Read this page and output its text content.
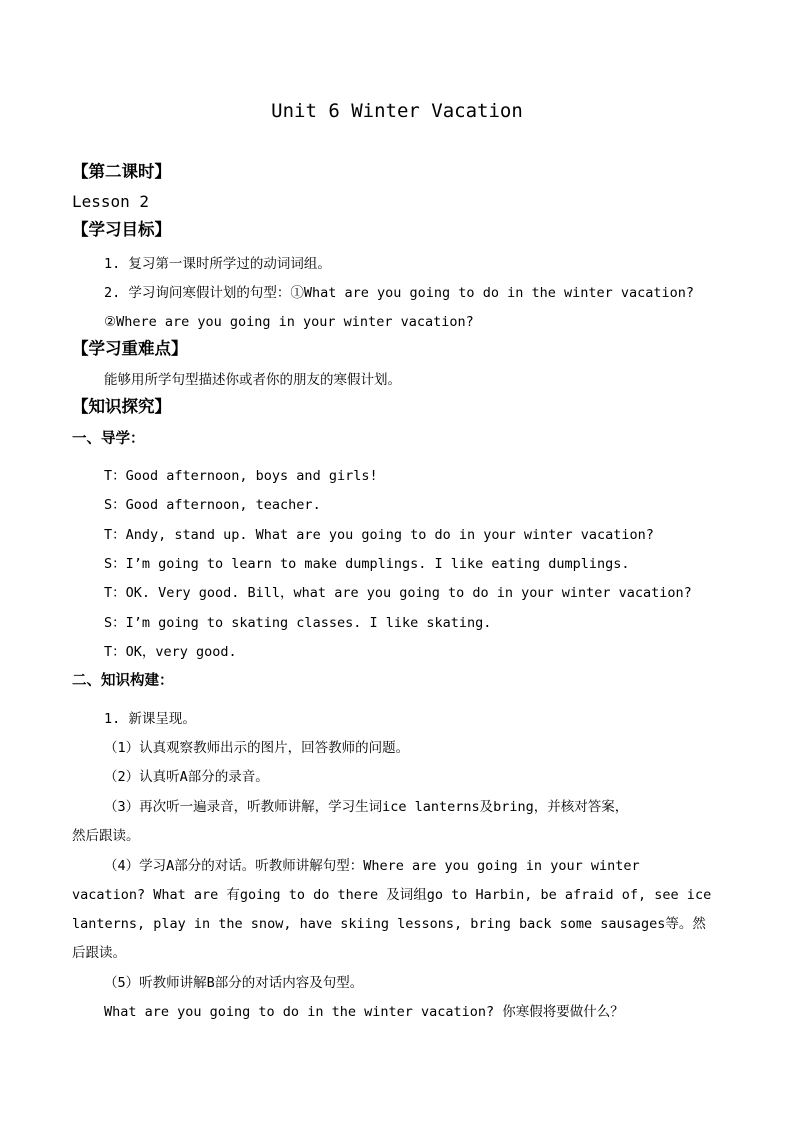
Unit 6 Winter Vacation
【第二课时】
Lesson 2
【学习目标】
1. 复习第一课时所学过的动词词组。
2. 学习询问寒假计划的句型：①What are you going to do in the winter vacation?
②Where are you going in your winter vacation?
【学习重难点】
能够用所学句型描述你或者你的朋友的寒假计划。
【知识探究】
一、导学：
T：Good afternoon, boys and girls!
S：Good afternoon, teacher.
T：Andy, stand up. What are you going to do in your winter vacation?
S：I’m going to learn to make dumplings. I like eating dumplings.
T：OK. Very good. Bill，what are you going to do in your winter vacation?
S：I’m going to skating classes. I like skating.
T：OK，very good.
二、知识构建：
1. 新课呈现。
（1）认真观察教师出示的图片，回答教师的问题。
（2）认真听A部分的录音。
（3）再次听一遍录音，听教师讲解，学习生词ice lanterns及bring，并核对答案，
然后跟读。
（4）学习A部分的对话。听教师讲解句型：Where are you going in your winter
vacation? What are 有going to do there 及词组go to Harbin, be afraid of, see ice
lanterns, play in the snow, have skiing lessons, bring back some sausages等。然
后跟读。
（5）听教师讲解B部分的对话内容及句型。
What are you going to do in the winter vacation? 你寒假将要做什么？
